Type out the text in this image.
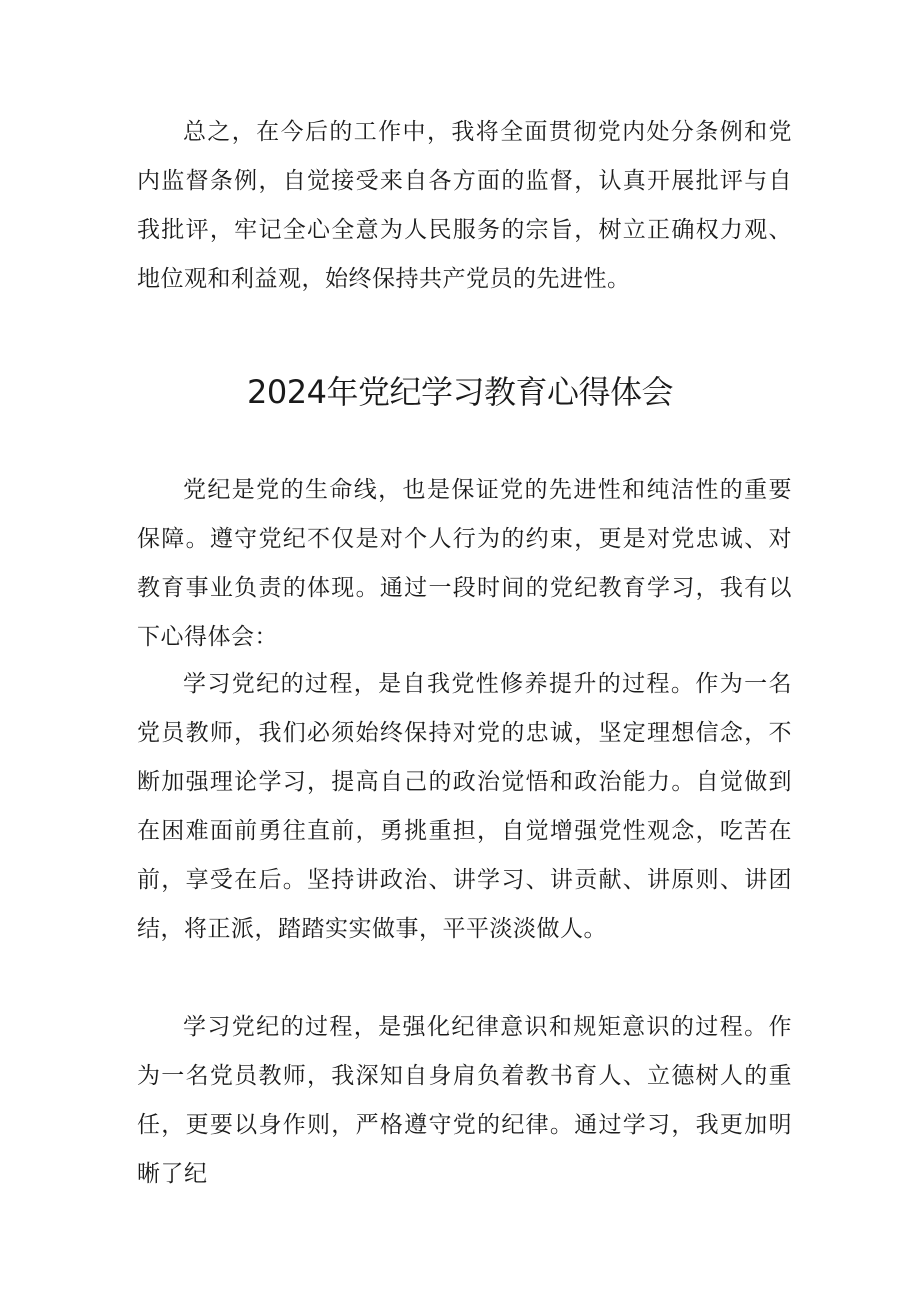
总之，在今后的工作中，我将全面贯彻党内处分条例和党内监督条例，自觉接受来自各方面的监督，认真开展批评与自我批评，牢记全心全意为人民服务的宗旨，树立正确权力观、地位观和利益观，始终保持共产党员的先进性。

2024年党纪学习教育心得体会

党纪是党的生命线，也是保证党的先进性和纯洁性的重要保障。遵守党纪不仅是对个人行为的约束，更是对党忠诚、对教育事业负责的体现。通过一段时间的党纪教育学习，我有以下心得体会：

学习党纪的过程，是自我党性修养提升的过程。作为一名党员教师，我们必须始终保持对党的忠诚，坚定理想信念，不断加强理论学习，提高自己的政治觉悟和政治能力。自觉做到在困难面前勇往直前，勇挑重担，自觉增强党性观念，吃苦在前，享受在后。坚持讲政治、讲学习、讲贡献、讲原则、讲团结，将正派，踏踏实实做事，平平淡淡做人。

学习党纪的过程，是强化纪律意识和规矩意识的过程。作为一名党员教师，我深知自身肩负着教书育人、立德树人的重任，更要以身作则，严格遵守党的纪律。通过学习，我更加明晰了纪
